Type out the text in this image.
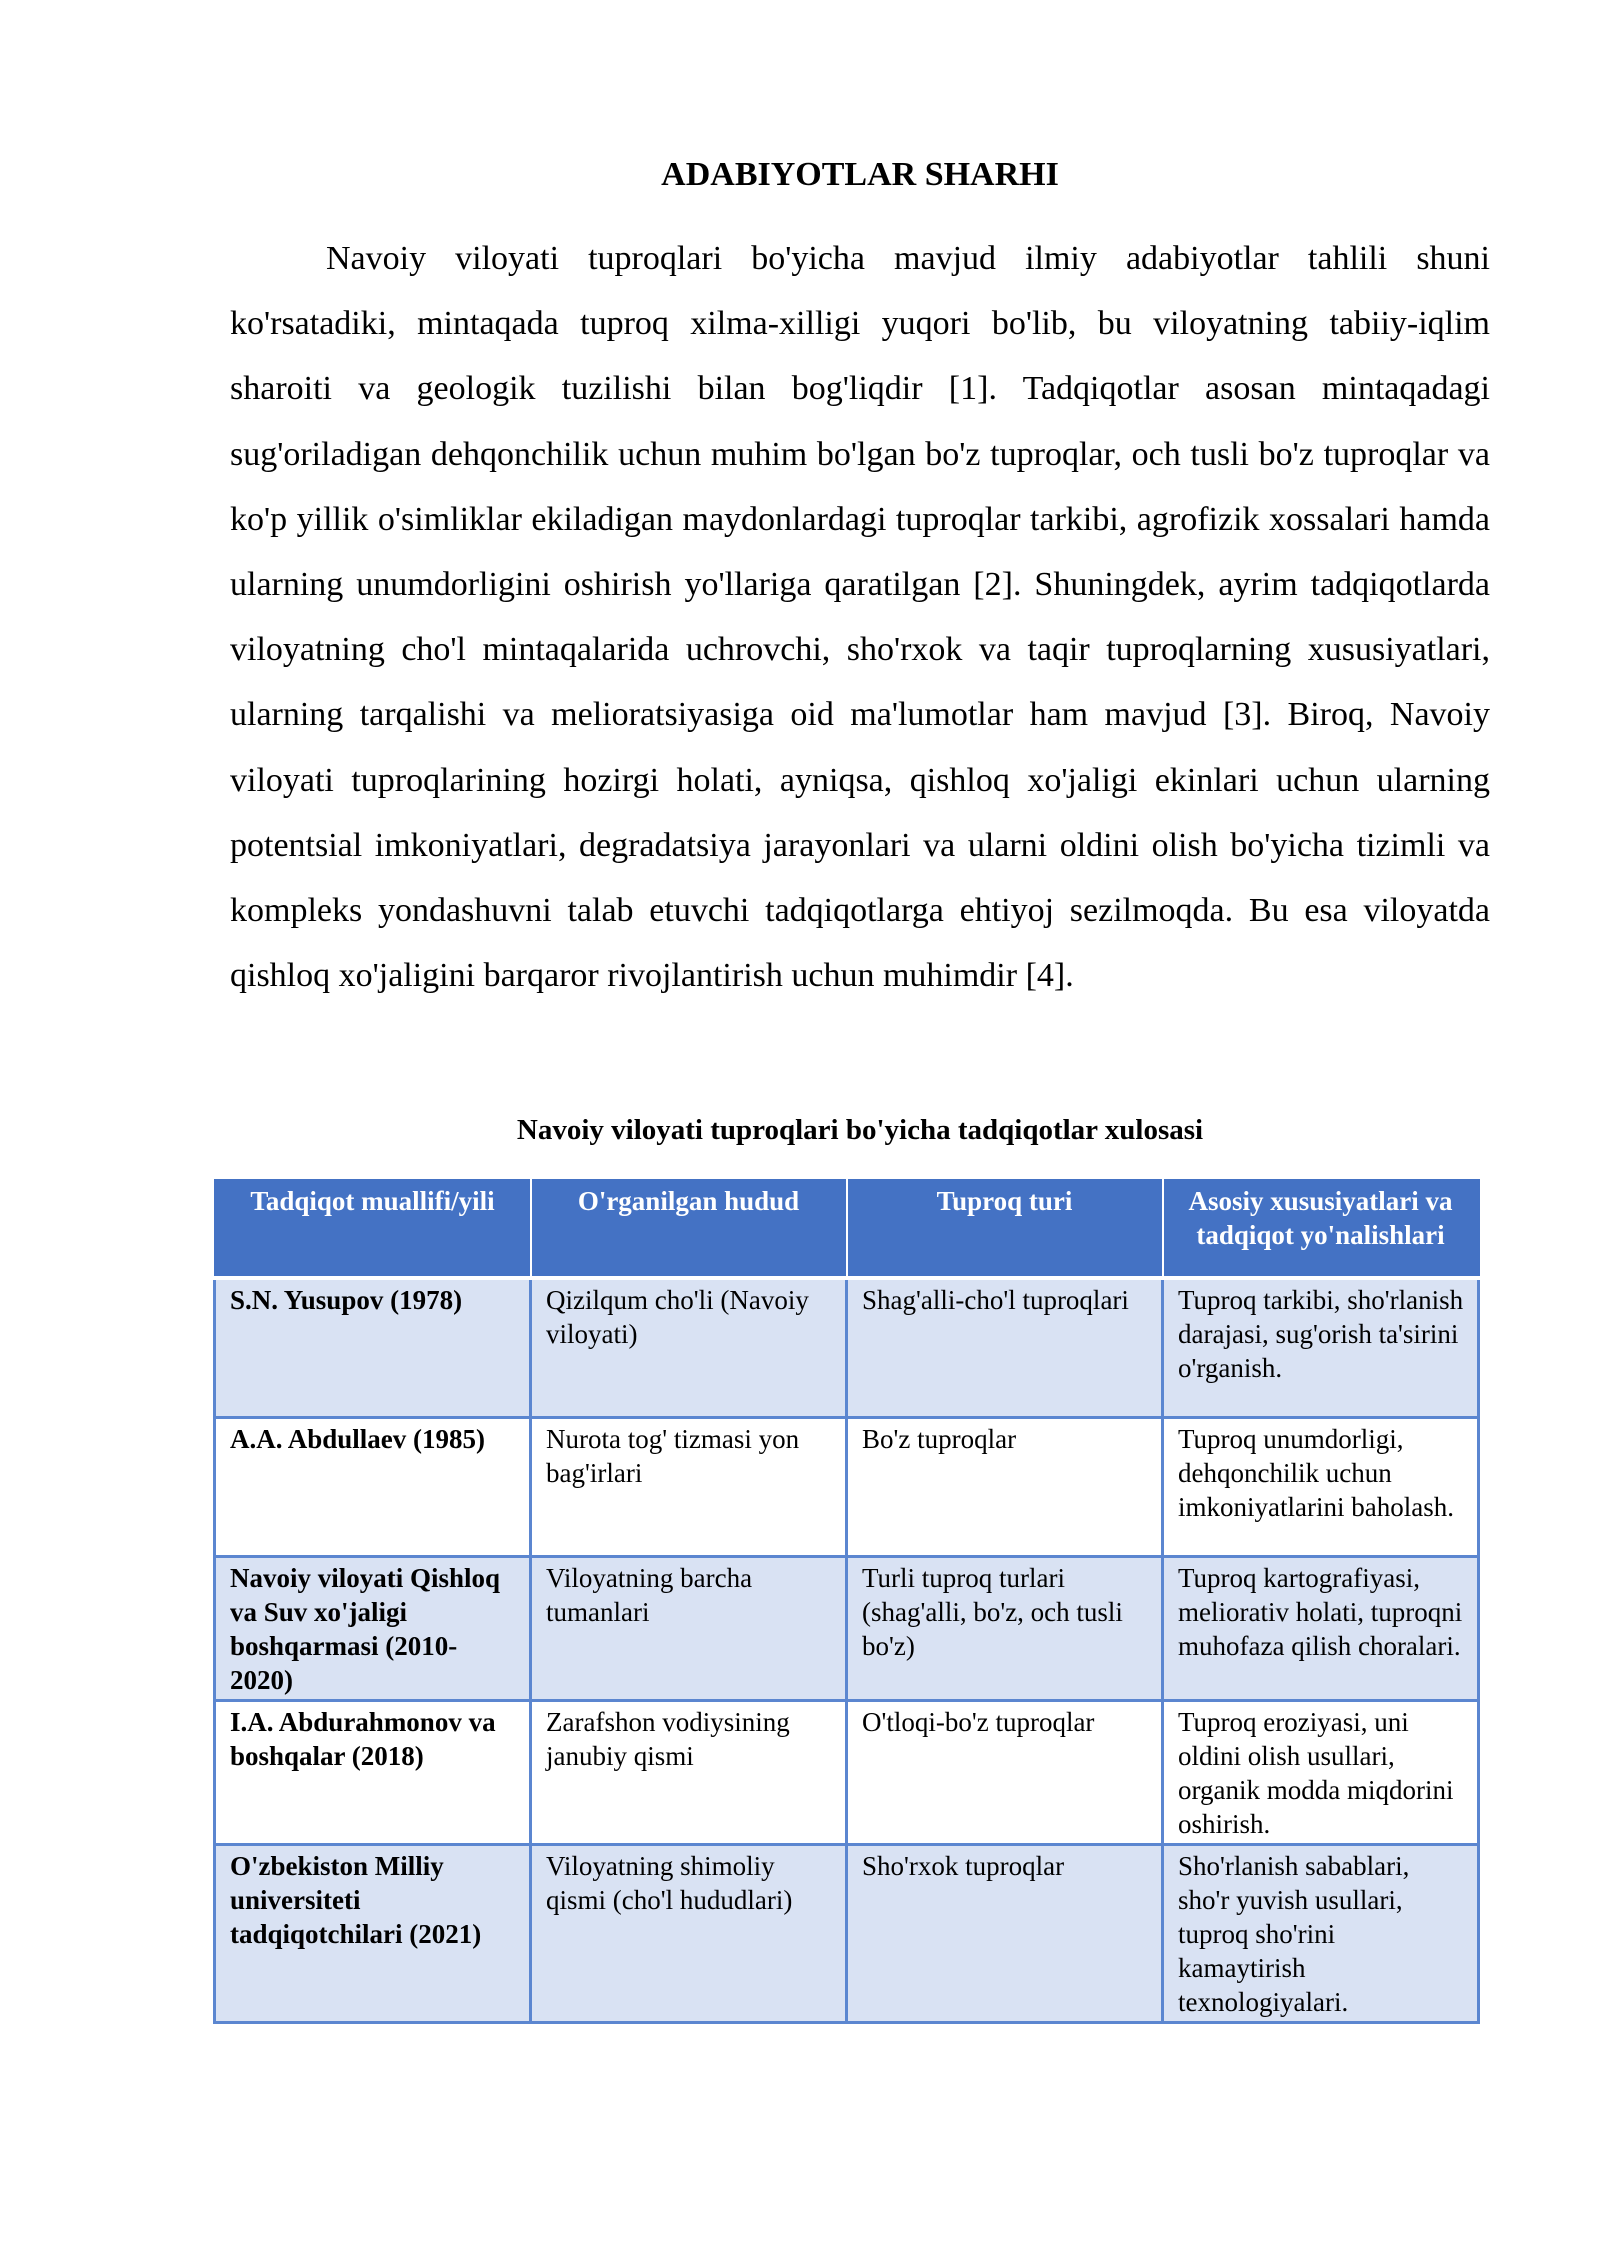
ADABIYOTLAR SHARHI

Navoiy viloyati tuproqlari bo'yicha mavjud ilmiy adabiyotlar tahlili shuni ko'rsatadiki, mintaqada tuproq xilma-xilligi yuqori bo'lib, bu viloyatning tabiiy-iqlim sharoiti va geologik tuzilishi bilan bog'liqdir [1]. Tadqiqotlar asosan mintaqadagi sug'oriladigan dehqonchilik uchun muhim bo'lgan bo'z tuproqlar, och tusli bo'z tuproqlar va ko'p yillik o'simliklar ekiladigan maydonlardagi tuproqlar tarkibi, agrofizik xossalari hamda ularning unumdorligini oshirish yo'llariga qaratilgan [2]. Shuningdek, ayrim tadqiqotlarda viloyatning cho'l mintaqalarida uchrovchi, sho'rxok va taqir tuproqlarning xususiyatlari, ularning tarqalishi va melioratsiyasiga oid ma'lumotlar ham mavjud [3]. Biroq, Navoiy viloyati tuproqlarining hozirgi holati, ayniqsa, qishloq xo'jaligi ekinlari uchun ularning potentsial imkoniyatlari, degradatsiya jarayonlari va ularni oldini olish bo'yicha tizimli va kompleks yondashuvni talab etuvchi tadqiqotlarga ehtiyoj sezilmoqda. Bu esa viloyatda qishloq xo'jaligini barqaror rivojlantirish uchun muhimdir [4].

Navoiy viloyati tuproqlari bo'yicha tadqiqotlar xulosasi

Tadqiqot muallifi/yili	O'rganilgan hudud	Tuproq turi	Asosiy xususiyatlari va tadqiqot yo'nalishlari
S.N. Yusupov (1978)	Qizilqum cho'li (Navoiy viloyati)	Shag'alli-cho'l tuproqlari	Tuproq tarkibi, sho'rlanish darajasi, sug'orish ta'sirini o'rganish.
A.A. Abdullaev (1985)	Nurota tog' tizmasi yon bag'irlari	Bo'z tuproqlar	Tuproq unumdorligi, dehqonchilik uchun imkoniyatlarini baholash.
Navoiy viloyati Qishloq va Suv xo'jaligi boshqarmasi (2010-2020)	Viloyatning barcha tumanlari	Turli tuproq turlari (shag'alli, bo'z, och tusli bo'z)	Tuproq kartografiyasi, meliorativ holati, tuproqni muhofaza qilish choralari.
I.A. Abdurahmonov va boshqalar (2018)	Zarafshon vodiysining janubiy qismi	O'tloqi-bo'z tuproqlar	Tuproq eroziyasi, uni oldini olish usullari, organik modda miqdorini oshirish.
O'zbekiston Milliy universiteti tadqiqotchilari (2021)	Viloyatning shimoliy qismi (cho'l hududlari)	Sho'rxok tuproqlar	Sho'rlanish sabablari, sho'r yuvish usullari, tuproq sho'rini kamaytirish texnologiyalari.
